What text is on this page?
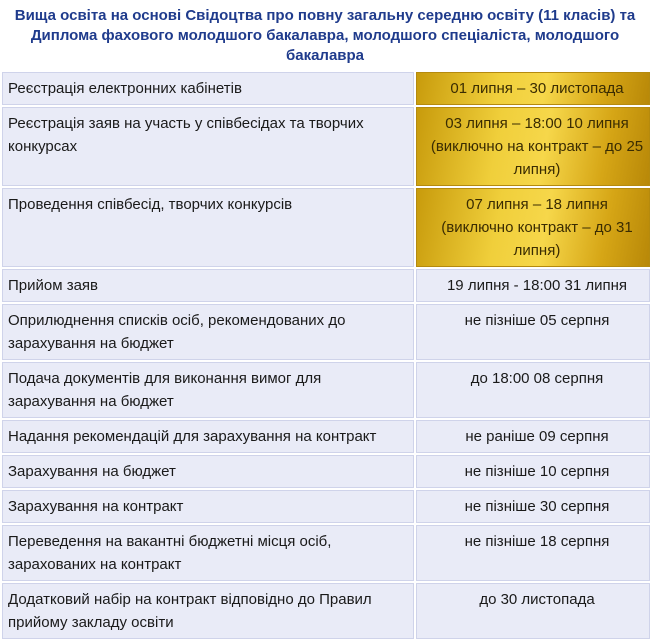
Вища освіта на основі Свідоцтва про повну загальну середню освіту (11 класів) та Диплома фахового молодшого бакалавра, молодшого спеціаліста, молодшого бакалавра
Реєстрація електронних кабінетів	01 липня – 30 листопада
Реєстрація заяв на участь у співбесідах та творчих конкурсах	03 липня – 18:00 10 липня (виключно на контракт – до 25 липня)
Проведення співбесід, творчих конкурсів	07 липня – 18 липня (виключно контракт – до 31 липня)
Прийом заяв	19 липня - 18:00 31 липня
Оприлюднення списків осіб, рекомендованих до зарахування на бюджет	не пізніше 05 серпня
Подача документів для виконання вимог для зарахування на бюджет	до 18:00 08 серпня
Надання рекомендацій для зарахування на контракт	не раніше 09 серпня
Зарахування на бюджет	не пізніше 10 серпня
Зарахування на контракт	не пізніше 30 серпня
Переведення на вакантні бюджетні місця осіб, зарахованих на контракт	не пізніше 18 серпня
Додатковий набір на контракт відповідно до Правил прийому закладу освіти	до 30 листопада
